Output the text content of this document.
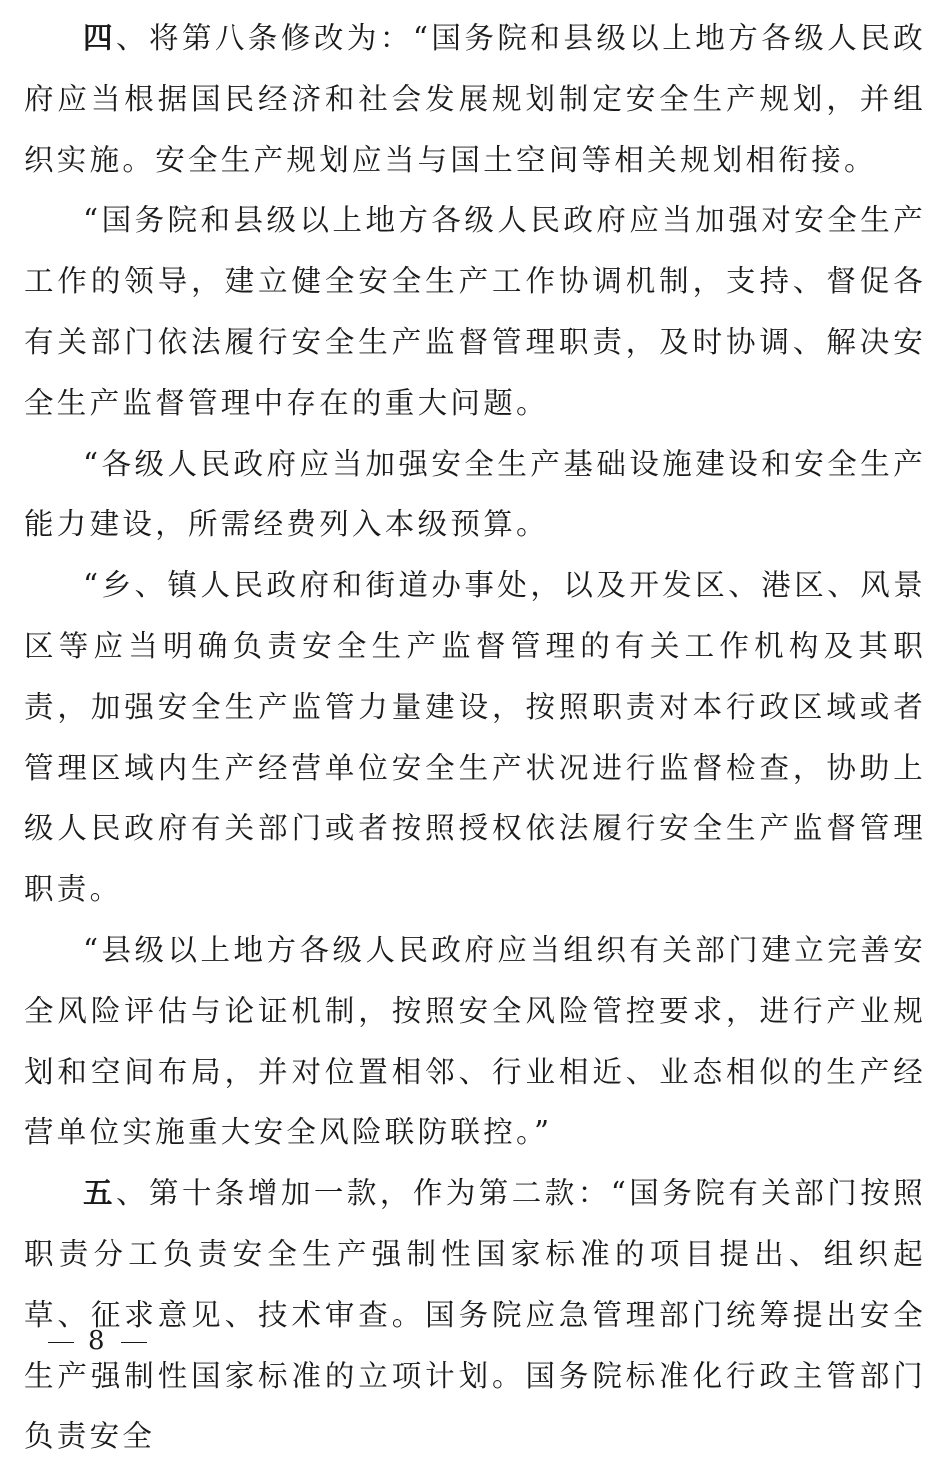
四、将第八条修改为：“国务院和县级以上地方各级人民政府应当根据国民经济和社会发展规划制定安全生产规划，并组织实施。安全生产规划应当与国土空间等相关规划相衔接。

“国务院和县级以上地方各级人民政府应当加强对安全生产工作的领导，建立健全安全生产工作协调机制，支持、督促各有关部门依法履行安全生产监督管理职责，及时协调、解决安全生产监督管理中存在的重大问题。

“各级人民政府应当加强安全生产基础设施建设和安全生产能力建设，所需经费列入本级预算。

“乡、镇人民政府和街道办事处，以及开发区、港区、风景区等应当明确负责安全生产监督管理的有关工作机构及其职责，加强安全生产监管力量建设，按照职责对本行政区域或者管理区域内生产经营单位安全生产状况进行监督检查，协助上级人民政府有关部门或者按照授权依法履行安全生产监督管理职责。

“县级以上地方各级人民政府应当组织有关部门建立完善安全风险评估与论证机制，按照安全风险管控要求，进行产业规划和空间布局，并对位置相邻、行业相近、业态相似的生产经营单位实施重大安全风险联防联控。”

五、第十条增加一款，作为第二款：“国务院有关部门按照职责分工负责安全生产强制性国家标准的项目提出、组织起草、征求意见、技术审查。国务院应急管理部门统筹提出安全生产强制性国家标准的立项计划。国务院标准化行政主管部门负责安全

8
